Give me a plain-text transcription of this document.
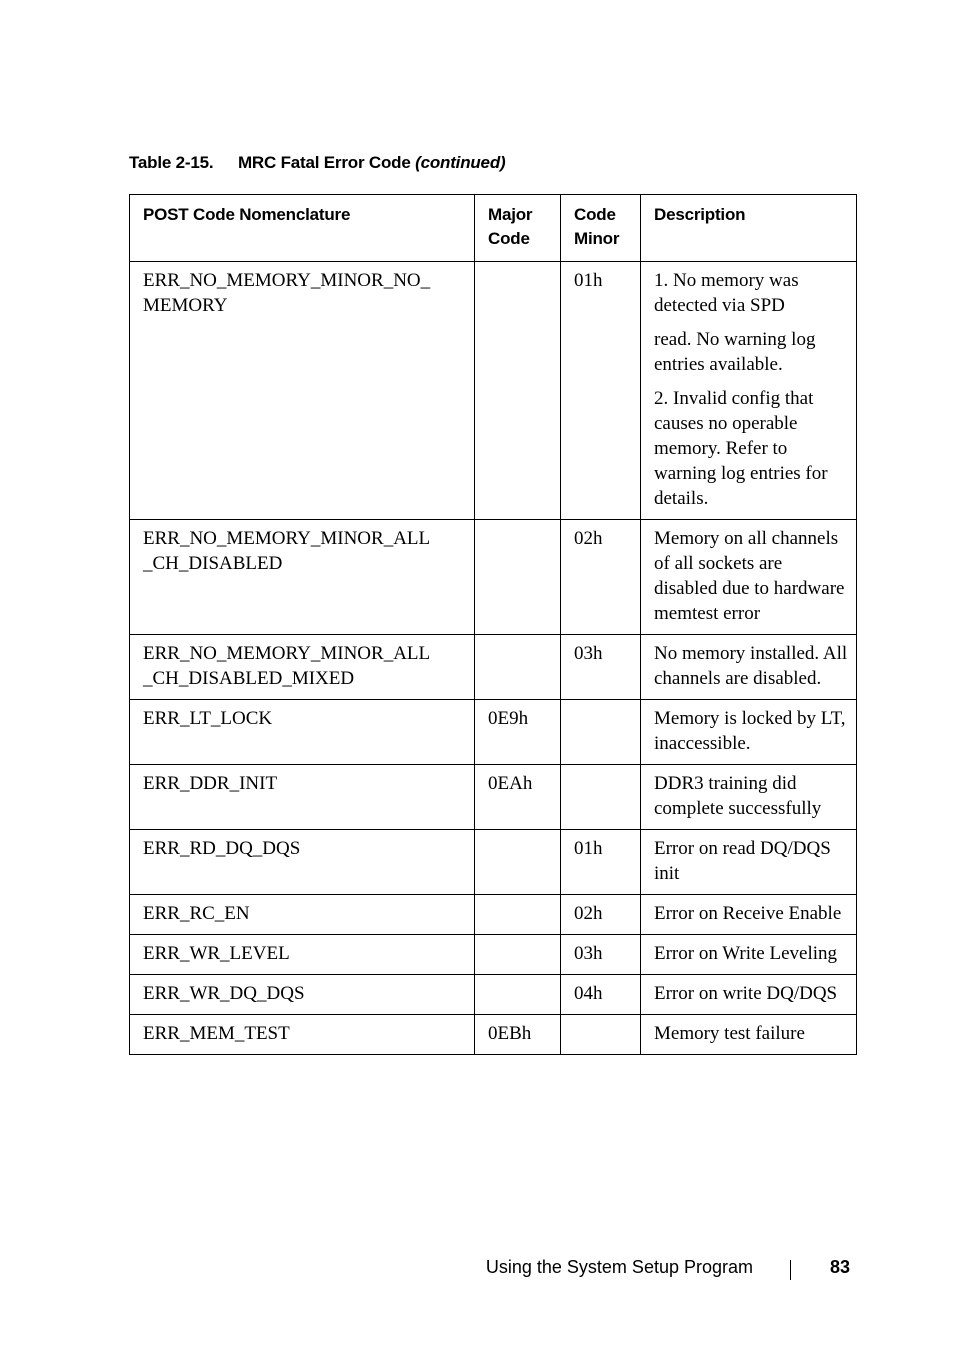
Table 2-15. MRC Fatal Error Code (continued)
POST Code Nomenclature	Major Code	Code Minor	Description
ERR_NO_MEMORY_MINOR_NO_ MEMORY		01h	1. No memory was detected via SPD
read. No warning log entries available.
2. Invalid config that causes no operable memory. Refer to warning log entries for details.

ERR_NO_MEMORY_MINOR_ALL _CH_DISABLED		02h	Memory on all channels of all sockets are disabled due to hardware memtest error

ERR_NO_MEMORY_MINOR_ALL _CH_DISABLED_MIXED		03h	No memory installed. All channels are disabled.

ERR_LT_LOCK	0E9h		Memory is locked by LT, inaccessible.

ERR_DDR_INIT	0EAh		DDR3 training did complete successfully

ERR_RD_DQ_DQS		01h	Error on read DQ/DQS init

ERR_RC_EN		02h	Error on Receive Enable

ERR_WR_LEVEL		03h	Error on Write Leveling

ERR_WR_DQ_DQS		04h	Error on write DQ/DQS

ERR_MEM_TEST	0EBh		Memory test failure
Using the System Setup Program	83
